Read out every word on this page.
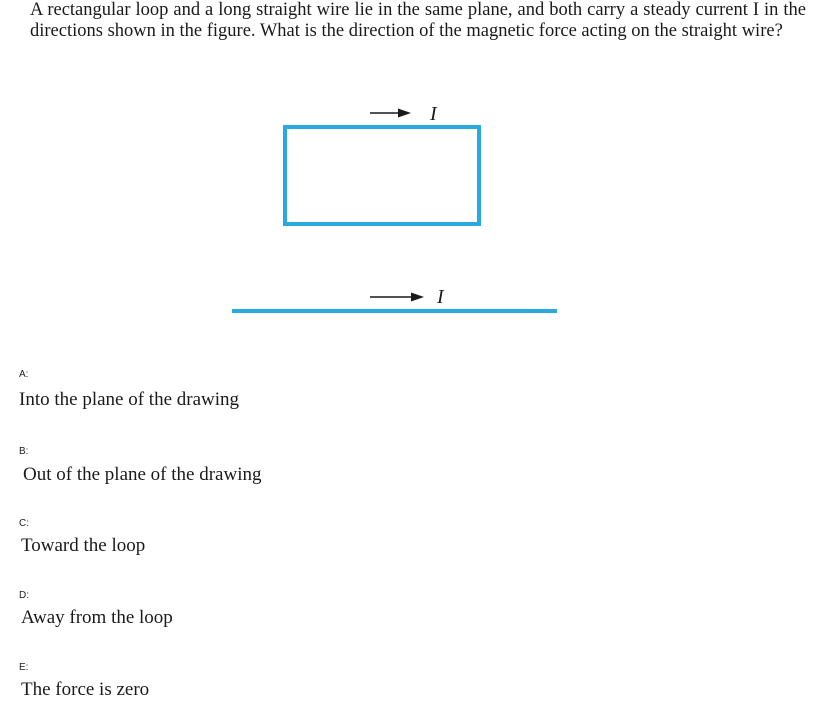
A rectangular loop and a long straight wire lie in the same plane, and both carry a steady current I in the directions shown in the figure. What is the direction of the magnetic force acting on the straight wire?

I
I
A:
Into the plane of the drawing
B:
Out of the plane of the drawing
C:
Toward the loop
D:
Away from the loop
E:
The force is zero
